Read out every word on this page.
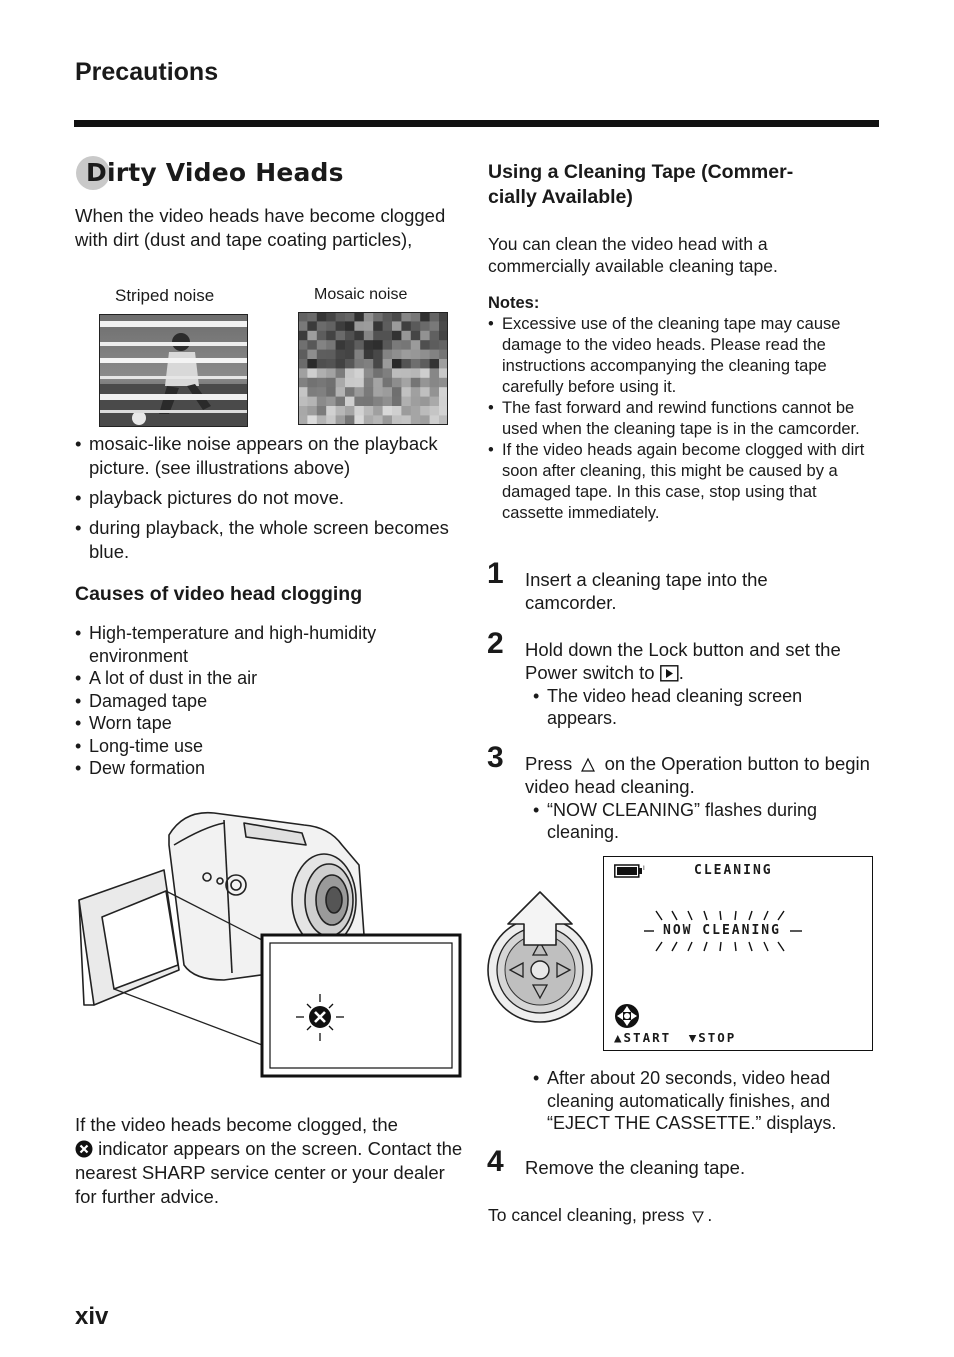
Precautions
Dirty Video Heads
When the video heads have become clogged with dirt (dust and tape coating particles),
Striped noise	Mosaic noise
• mosaic-like noise appears on the playback picture. (see illustrations above)
• playback pictures do not move.
• during playback, the whole screen becomes blue.
Causes of video head clogging
• High-temperature and high-humidity environment
• A lot of dust in the air
• Damaged tape
• Worn tape
• Long-time use
• Dew formation
If the video heads become clogged, the
indicator appears on the screen. Contact the nearest SHARP service center or your dealer for further advice.
Using a Cleaning Tape (Commer-
cially Available)
You can clean the video head with a commercially available cleaning tape.
Notes:
• Excessive use of the cleaning tape may cause damage to the video heads. Please read the instructions accompanying the cleaning tape carefully before using it.
• The fast forward and rewind functions cannot be used when the cleaning tape is in the camcorder.
• If the video heads again become clogged with dirt soon after cleaning, this might be caused by a damaged tape. In this case, stop using that cassette immediately.
1 Insert a cleaning tape into the camcorder.
2 Hold down the Lock button and set the Power switch to .
• The video head cleaning screen appears.
3 Press on the Operation button to begin video head cleaning.
• “NOW CLEANING” flashes during cleaning.
I	CLEANING
NOW CLEANING
▲START ▼STOP
• After about 20 seconds, video head cleaning automatically finishes, and “EJECT THE CASSETTE.” displays.
4 Remove the cleaning tape.
To cancel cleaning, press .
xiv
